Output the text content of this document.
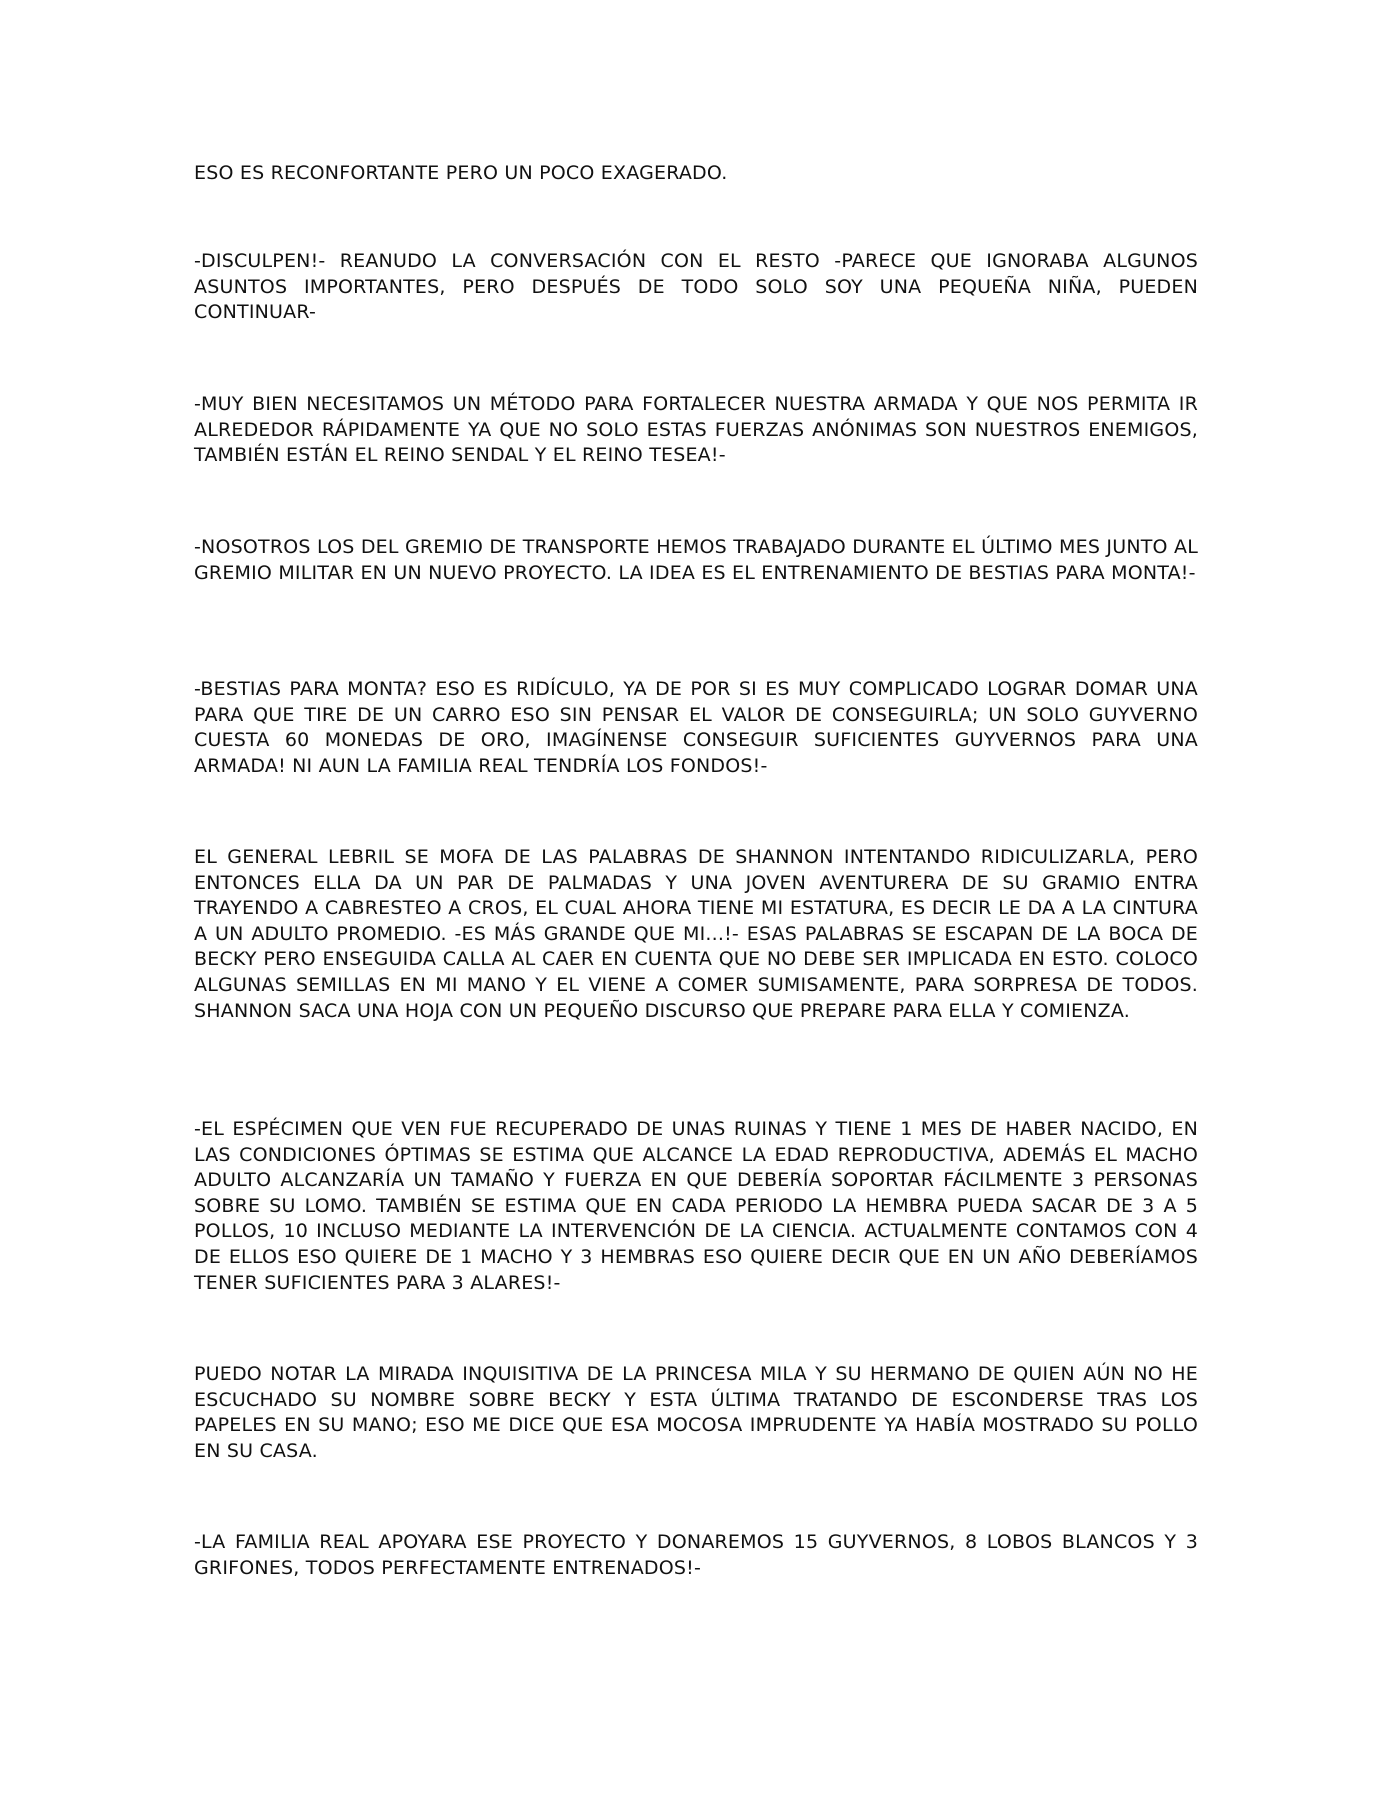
ESO ES RECONFORTANTE PERO UN POCO EXAGERADO.

-DISCULPEN!- REANUDO LA CONVERSACIÓN CON EL RESTO -PARECE QUE IGNORABA ALGUNOS ASUNTOS IMPORTANTES, PERO DESPUÉS DE TODO SOLO SOY UNA PEQUEÑA NIÑA, PUEDEN CONTINUAR-

-MUY BIEN NECESITAMOS UN MÉTODO PARA FORTALECER NUESTRA ARMADA Y QUE NOS PERMITA IR ALREDEDOR RÁPIDAMENTE YA QUE NO SOLO ESTAS FUERZAS ANÓNIMAS SON NUESTROS ENEMIGOS, TAMBIÉN ESTÁN EL REINO SENDAL Y EL REINO TESEA!-

-NOSOTROS LOS DEL GREMIO DE TRANSPORTE HEMOS TRABAJADO DURANTE EL ÚLTIMO MES JUNTO AL GREMIO MILITAR EN UN NUEVO PROYECTO. LA IDEA ES EL ENTRENAMIENTO DE BESTIAS PARA MONTA!-

-BESTIAS PARA MONTA? ESO ES RIDÍCULO, YA DE POR SI ES MUY COMPLICADO LOGRAR DOMAR UNA PARA QUE TIRE DE UN CARRO ESO SIN PENSAR EL VALOR DE CONSEGUIRLA; UN SOLO GUYVERNO CUESTA 60 MONEDAS DE ORO, IMAGÍNENSE CONSEGUIR SUFICIENTES GUYVERNOS PARA UNA ARMADA! NI AUN LA FAMILIA REAL TENDRÍA LOS FONDOS!-

EL GENERAL LEBRIL SE MOFA DE LAS PALABRAS DE SHANNON INTENTANDO RIDICULIZARLA, PERO ENTONCES ELLA DA UN PAR DE PALMADAS Y UNA JOVEN AVENTURERA DE SU GRAMIO ENTRA TRAYENDO A CABRESTEO A CROS, EL CUAL AHORA TIENE MI ESTATURA, ES DECIR LE DA A LA CINTURA A UN ADULTO PROMEDIO. -ES MÁS GRANDE QUE MI...!- ESAS PALABRAS SE ESCAPAN DE LA BOCA DE BECKY PERO ENSEGUIDA CALLA AL CAER EN CUENTA QUE NO DEBE SER IMPLICADA EN ESTO. COLOCO ALGUNAS SEMILLAS EN MI MANO Y EL VIENE A COMER SUMISAMENTE, PARA SORPRESA DE TODOS. SHANNON SACA UNA HOJA CON UN PEQUEÑO DISCURSO QUE PREPARE PARA ELLA Y COMIENZA.

-EL ESPÉCIMEN QUE VEN FUE RECUPERADO DE UNAS RUINAS Y TIENE 1 MES DE HABER NACIDO, EN LAS CONDICIONES ÓPTIMAS SE ESTIMA QUE ALCANCE LA EDAD REPRODUCTIVA, ADEMÁS EL MACHO ADULTO ALCANZARÍA UN TAMAÑO Y FUERZA EN QUE DEBERÍA SOPORTAR FÁCILMENTE 3 PERSONAS SOBRE SU LOMO. TAMBIÉN SE ESTIMA QUE EN CADA PERIODO LA HEMBRA PUEDA SACAR DE 3 A 5 POLLOS, 10 INCLUSO MEDIANTE LA INTERVENCIÓN DE LA CIENCIA. ACTUALMENTE CONTAMOS CON 4 DE ELLOS ESO QUIERE DE 1 MACHO Y 3 HEMBRAS ESO QUIERE DECIR QUE EN UN AÑO DEBERÍAMOS TENER SUFICIENTES PARA 3 ALARES!-

PUEDO NOTAR LA MIRADA INQUISITIVA DE LA PRINCESA MILA Y SU HERMANO DE QUIEN AÚN NO HE ESCUCHADO SU NOMBRE SOBRE BECKY Y ESTA ÚLTIMA TRATANDO DE ESCONDERSE TRAS LOS PAPELES EN SU MANO; ESO ME DICE QUE ESA MOCOSA IMPRUDENTE YA HABÍA MOSTRADO SU POLLO EN SU CASA.

-LA FAMILIA REAL APOYARA ESE PROYECTO Y DONAREMOS 15 GUYVERNOS, 8 LOBOS BLANCOS Y 3 GRIFONES, TODOS PERFECTAMENTE ENTRENADOS!-
